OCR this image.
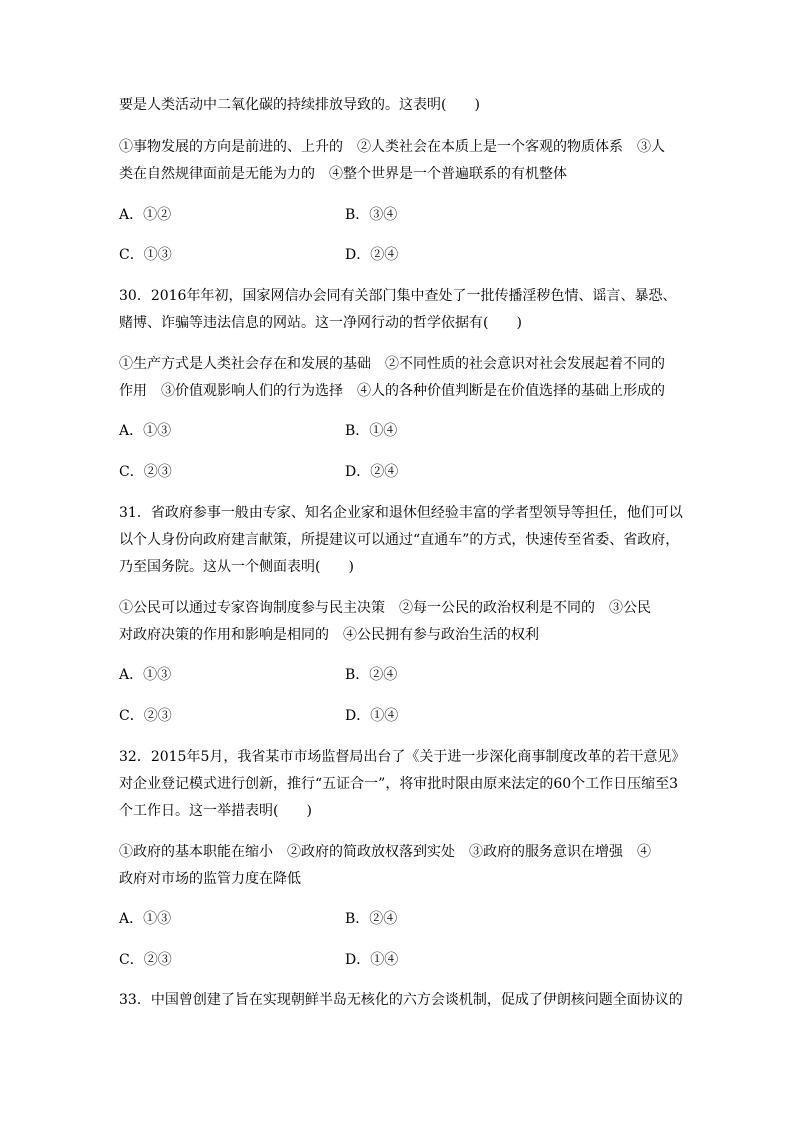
要是人类活动中二氧化碳的持续排放导致的。这表明(　　)
①事物发展的方向是前进的、上升的　②人类社会在本质上是一个客观的物质体系　③人
类在自然规律面前是无能为力的　④整个世界是一个普遍联系的有机整体
A．①②	B．③④
C．①③	D．②④
30．2016年年初，国家网信办会同有关部门集中查处了一批传播淫秽色情、谣言、暴恐、
赌博、诈骗等违法信息的网站。这一净网行动的哲学依据有(　　)
①生产方式是人类社会存在和发展的基础　②不同性质的社会意识对社会发展起着不同的
作用　③价值观影响人们的行为选择　④人的各种价值判断是在价值选择的基础上形成的
A．①③	B．①④
C．②③	D．②④
31．省政府参事一般由专家、知名企业家和退休但经验丰富的学者型领导等担任，他们可以
以个人身份向政府建言献策，所提建议可以通过“直通车”的方式，快速传至省委、省政府，
乃至国务院。这从一个侧面表明(　　)
①公民可以通过专家咨询制度参与民主决策　②每一公民的政治权利是不同的　③公民
对政府决策的作用和影响是相同的　④公民拥有参与政治生活的权利
A．①③	B．②④
C．②③	D．①④
32．2015年5月，我省某市市场监督局出台了《关于进一步深化商事制度改革的若干意见》
对企业登记模式进行创新，推行“五证合一”，将审批时限由原来法定的60个工作日压缩至3
个工作日。这一举措表明(　　)
①政府的基本职能在缩小　②政府的简政放权落到实处　③政府的服务意识在增强　④
政府对市场的监管力度在降低
A．①③	B．②④
C．②③	D．①④
33．中国曾创建了旨在实现朝鲜半岛无核化的六方会谈机制，促成了伊朗核问题全面协议的
